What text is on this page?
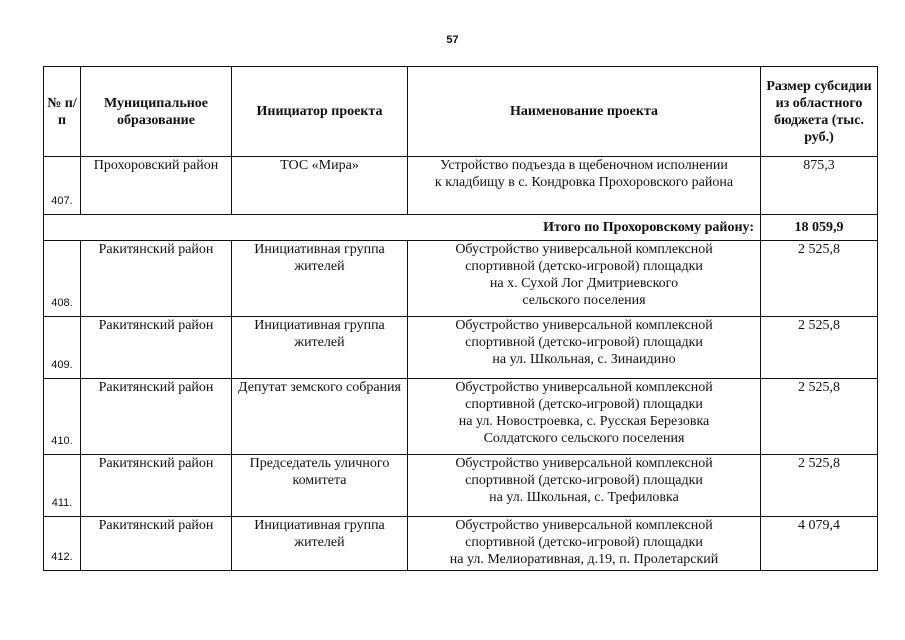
57
№ п/п	Муниципальное образование	Инициатор проекта	Наименование проекта	Размер субсидии из областного бюджета (тыс. руб.)
407.	Прохоровский район	ТОС «Мира»	Устройство подъезда в щебеночном исполнении
к кладбищу в с. Кондровка Прохоровского района	875,3
Итого по Прохоровскому району:				18 059,9
408.	Ракитянский район	Инициативная группа жителей	Обустройство универсальной комплексной
спортивной (детско-игровой) площадки
на х. Сухой Лог Дмитриевского
сельского поселения	2 525,8
409.	Ракитянский район	Инициативная группа жителей	Обустройство универсальной комплексной
спортивной (детско-игровой) площадки
на ул. Школьная, с. Зинаидино	2 525,8
410.	Ракитянский район	Депутат земского собрания	Обустройство универсальной комплексной
спортивной (детско-игровой) площадки
на ул. Новостроевка, с. Русская Березовка
Солдатского сельского поселения	2 525,8
411.	Ракитянский район	Председатель уличного комитета	Обустройство универсальной комплексной
спортивной (детско-игровой) площадки
на ул. Школьная, с. Трефиловка	2 525,8
412.	Ракитянский район	Инициативная группа жителей	Обустройство универсальной комплексной
спортивной (детско-игровой) площадки
на ул. Мелиоративная, д.19, п. Пролетарский	4 079,4
